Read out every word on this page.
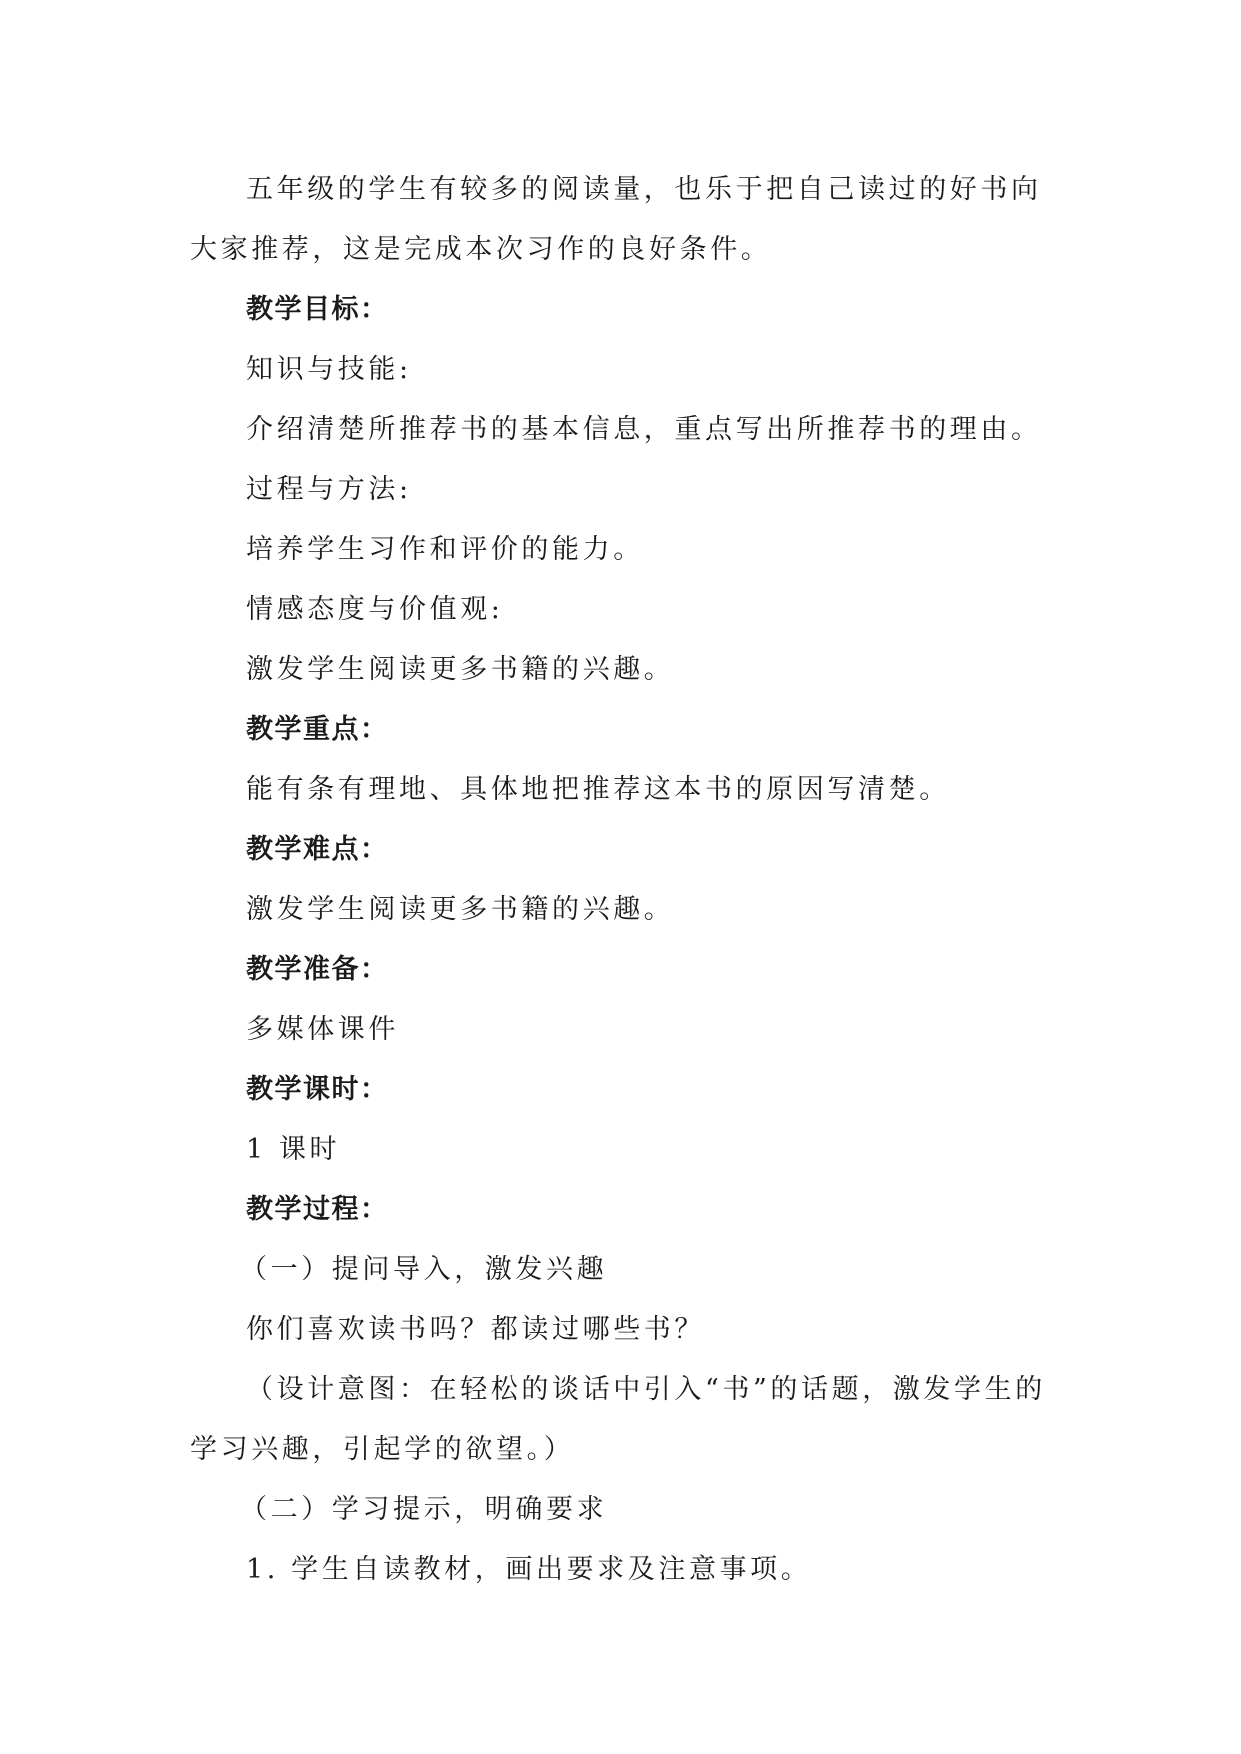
五年级的学生有较多的阅读量，也乐于把自己读过的好书向大家推荐，这是完成本次习作的良好条件。

教学目标：
知识与技能:
介绍清楚所推荐书的基本信息，重点写出所推荐书的理由。
过程与方法:
培养学生习作和评价的能力。
情感态度与价值观:
激发学生阅读更多书籍的兴趣。
教学重点：
能有条有理地、具体地把推荐这本书的原因写清楚。
教学难点：
激发学生阅读更多书籍的兴趣。
教学准备：
多媒体课件
教学课时：
1 课时
教学过程：
（一）提问导入，激发兴趣
你们喜欢读书吗？都读过哪些书？

（设计意图：在轻松的谈话中引入“书”的话题，激发学生的学习兴趣，引起学的欲望。）

（二）学习提示，明确要求
1. 学生自读教材，画出要求及注意事项。
